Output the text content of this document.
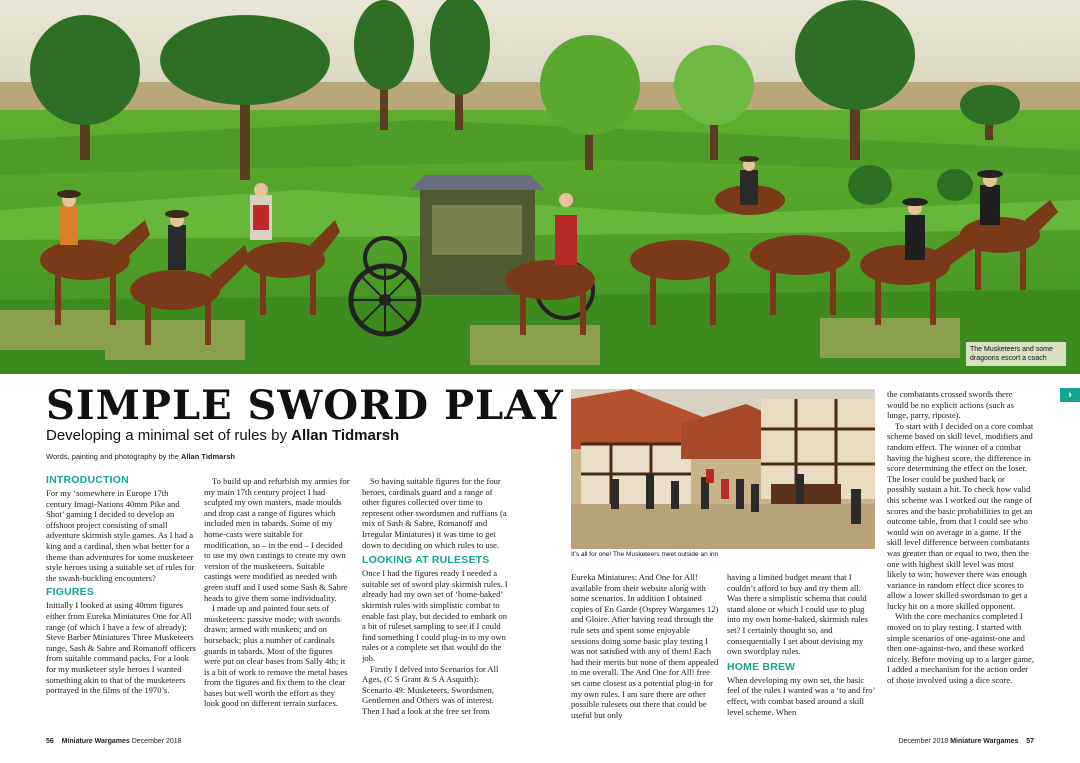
The Musketeers and some dragoons escort a coach
›
SIMPLE SWORD PLAY
Developing a minimal set of rules by Allan Tidmarsh
Words, painting and photography by the Allan Tidmarsh
INTRODUCTION

For my ‘somewhere in Europe 17th century Imagi-Nations 40mm Pike and Shot’ gaming I decided to develop an offshoot project consisting of small adventure skirmish style games. As I had a king and a cardinal, then what better for a theme than adventures for some musketeer style heroes using a suitable set of rules for the swash-buckling encounters?

FIGURES

Initially I looked at using 40mm figures either from Eureka Miniatures One for All range (of which I have a few of already); Steve Barber Miniatures Three Musketeers range, Sash & Sabre and Romanoff officers from suitable command packs. For a look for my musketeer style heroes I wanted something akin to that of the musketeers portrayed in the films of the 1970’s.

To build up and refurbish my armies for my main 17th century project I had sculpted my own masters, made moulds and drop cast a range of figures which included men in tabards. Some of my home-casts were suitable for modification, so – in the end – I decided to use my own castings to create my own version of the musketeers. Suitable castings were modified as needed with green stuff and I used some Sash & Sabre heads to give them some individuality.

I made up and painted four sets of musketeers: passive mode; with swords drawn; armed with muskets; and on horseback; plus a number of cardinals guards in tabards. Most of the figures were put on clear bases from Sally 4th; it is a bit of work to remove the metal bases from the figures and fix them to the clear bases but well worth the effort as they look good on different terrain surfaces.

So having suitable figures for the four heroes, cardinals guard and a range of other figures collected over time to represent other swordsmen and ruffians (a mix of Sash & Sabre, Romanoff and Irregular Miniatures) it was time to get down to deciding on which rules to use.

LOOKING AT RULESETS

Once I had the figures ready I needed a suitable set of sword play skirmish rules. I already had my own set of ‘home-baked’ skirmish rules with simplistic combat to enable fast play, but decided to embark on a bit of ruleset sampling to see if I could find something I could plug-in to my own rules or a complete set that would do the job.

Firstly I delved into Scenarios for All Ages, (C S Grant & S A Asquith): Scenario 49: Musketeers, Swordsmen, Gentlemen and Others was of interest. Then I had a look at the free set from

It’s all for one! The Musketeers meet outside an inn

Eureka Miniatures: And One for All! available from their website along with some scenarios. In addition I obtained copies of En Garde (Osprey Wargames 12) and Gloire. After having read through the rule sets and spent some enjoyable sessions doing some basic play testing I was not satisfied with any of them! Each had their merits but none of them appealed to me overall. The And One for All! free set came closest as a potential plug-in for my own rules. I am sure there are other possible rulesets out there that could be useful but only

having a limited budget meant that I couldn’t afford to buy and try them all. Was there a simplistic schema that could stand alone or which I could use to plug into my own home-baked, skirmish rules set? I certainly thought so, and consequentially I set about devising my own swordplay rules.

HOME BREW

When developing my own set, the basic feel of the rules I wanted was a ‘to and fro’ effect, with combat based around a skill level scheme. When

the combatants crossed swords there would be no explicit actions (such as lunge, parry, riposte).

To start with I decided on a core combat scheme based on skill level, modifiers and random effect. The winner of a combat having the highest score, the difference in score determining the effect on the loser. The loser could be pushed back or possibly sustain a hit. To check how valid this scheme was I worked out the range of scores and the basic probabilities to get an outcome table, from that I could see who would win on average in a game. If the skill level difference between combatants was greater than or equal to two, then the one with highest skill level was most likely to win; however there was enough variance in random effect dice scores to allow a lower skilled swordsman to get a lucky hit on a more skilled opponent.

With the core mechanics completed I moved on to play testing. I started with simple scenarios of one-against-one and then one-against-two, and these worked nicely. Before moving up to a larger game, I added a mechanism for the action order of those involved using a dice score.

56 Miniature Wargames December 2018	December 2018 Miniature Wargames 57
